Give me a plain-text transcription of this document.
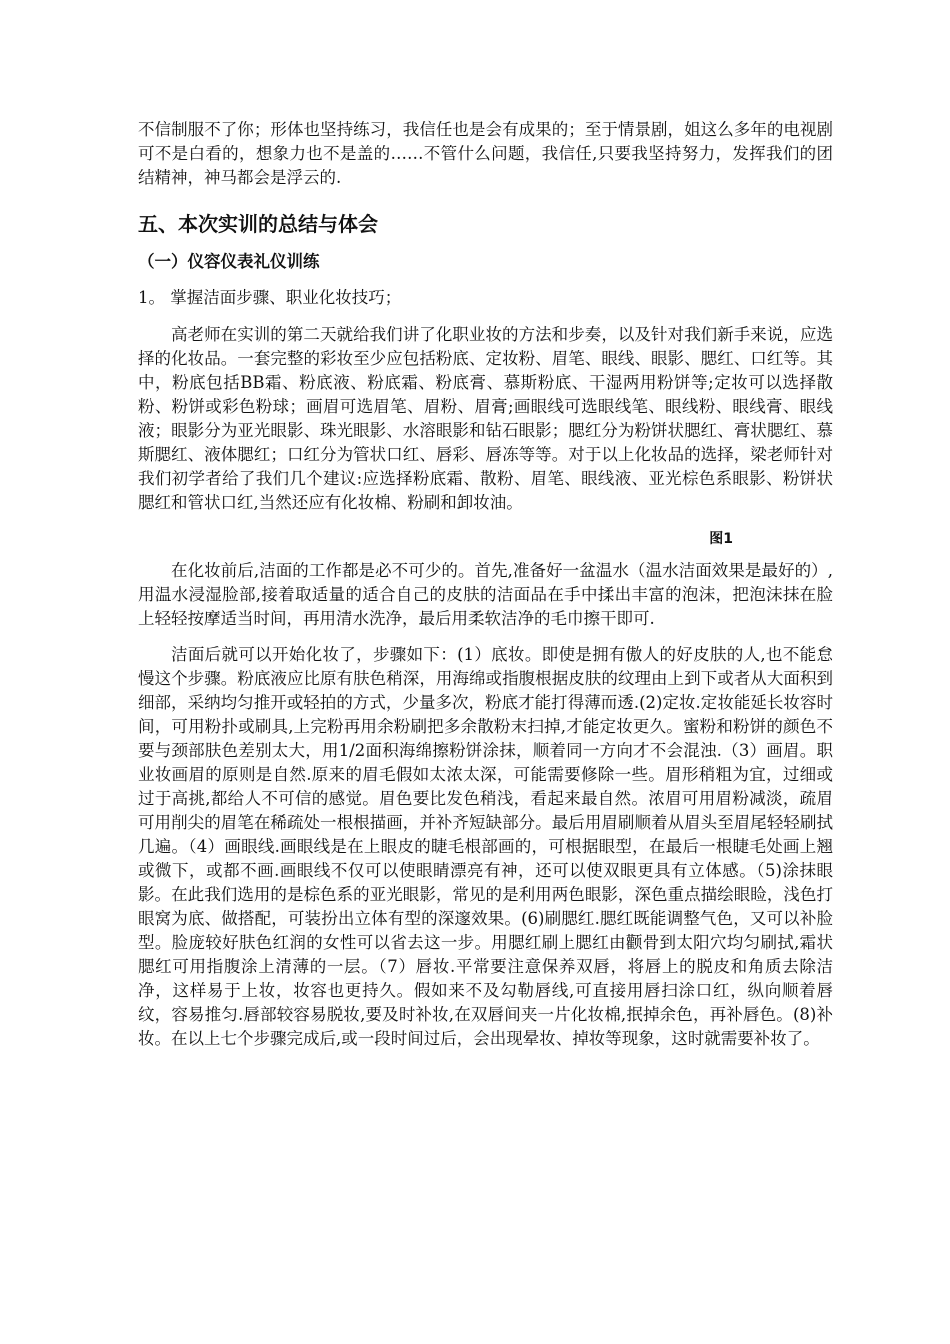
不信制服不了你；形体也坚持练习，我信任也是会有成果的；至于情景剧，姐这么多年的电视剧可不是白看的，想象力也不是盖的……不管什么问题，我信任,只要我坚持努力，发挥我们的团结精神，神马都会是浮云的.

五、本次实训的总结与体会
（一）仪容仪表礼仪训练

1。 掌握洁面步骤、职业化妆技巧；

高老师在实训的第二天就给我们讲了化职业妆的方法和步奏，以及针对我们新手来说，应选择的化妆品。一套完整的彩妆至少应包括粉底、定妆粉、眉笔、眼线、眼影、腮红、口红等。其中，粉底包括BB霜、粉底液、粉底霜、粉底膏、慕斯粉底、干湿两用粉饼等;定妆可以选择散粉、粉饼或彩色粉球；画眉可选眉笔、眉粉、眉膏;画眼线可选眼线笔、眼线粉、眼线膏、眼线液；眼影分为亚光眼影、珠光眼影、水溶眼影和钻石眼影；腮红分为粉饼状腮红、膏状腮红、慕斯腮红、液体腮红；口红分为管状口红、唇彩、唇冻等等。对于以上化妆品的选择，梁老师针对我们初学者给了我们几个建议:应选择粉底霜、散粉、眉笔、眼线液、亚光棕色系眼影、粉饼状腮红和管状口红,当然还应有化妆棉、粉刷和卸妆油。

图1

在化妆前后,洁面的工作都是必不可少的。首先,准备好一盆温水（温水洁面效果是最好的）,用温水浸湿脸部,接着取适量的适合自己的皮肤的洁面品在手中揉出丰富的泡沫，把泡沫抹在脸上轻轻按摩适当时间，再用清水洗净，最后用柔软洁净的毛巾擦干即可.

洁面后就可以开始化妆了，步骤如下：(1）底妆。即使是拥有傲人的好皮肤的人,也不能怠慢这个步骤。粉底液应比原有肤色稍深，用海绵或指腹根据皮肤的纹理由上到下或者从大面积到细部，采纳均匀推开或轻拍的方式，少量多次，粉底才能打得薄而透.(2)定妆.定妆能延长妆容时间，可用粉扑或刷具,上完粉再用余粉刷把多余散粉末扫掉,才能定妆更久。蜜粉和粉饼的颜色不要与颈部肤色差别太大，用1/2面积海绵擦粉饼涂抹，顺着同一方向才不会混浊.（3）画眉。职业妆画眉的原则是自然.原来的眉毛假如太浓太深，可能需要修除一些。眉形稍粗为宜，过细或过于高挑,都给人不可信的感觉。眉色要比发色稍浅，看起来最自然。浓眉可用眉粉减淡，疏眉可用削尖的眉笔在稀疏处一根根描画，并补齐短缺部分。最后用眉刷顺着从眉头至眉尾轻轻刷拭几遍。（4）画眼线.画眼线是在上眼皮的睫毛根部画的，可根据眼型，在最后一根睫毛处画上翘或微下，或都不画.画眼线不仅可以使眼睛漂亮有神，还可以使双眼更具有立体感。（5)涂抹眼影。在此我们选用的是棕色系的亚光眼影，常见的是利用两色眼影，深色重点描绘眼睑，浅色打眼窝为底、做搭配，可装扮出立体有型的深邃效果。(6)刷腮红.腮红既能调整气色，又可以补脸型。脸庞较好肤色红润的女性可以省去这一步。用腮红刷上腮红由颧骨到太阳穴均匀刷拭,霜状腮红可用指腹涂上清薄的一层。（7）唇妆.平常要注意保养双唇，将唇上的脱皮和角质去除洁净，这样易于上妆，妆容也更持久。假如来不及勾勒唇线,可直接用唇扫涂口红，纵向顺着唇纹，容易推匀.唇部较容易脱妆,要及时补妆,在双唇间夹一片化妆棉,抿掉余色，再补唇色。(8)补妆。在以上七个步骤完成后,或一段时间过后，会出现晕妆、掉妆等现象，这时就需要补妆了。
